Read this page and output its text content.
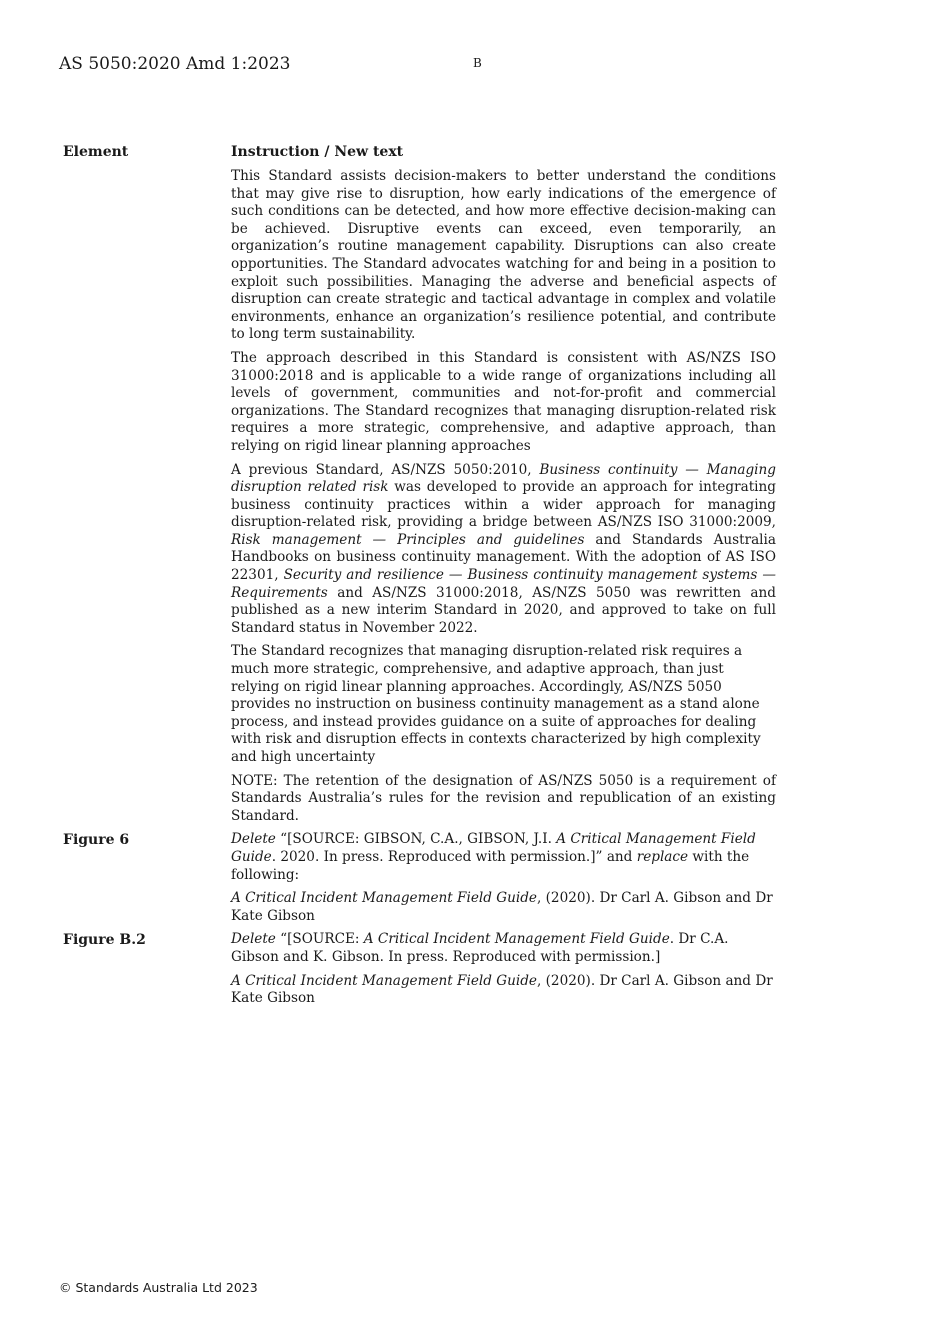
AS 5050:2020 Amd 1:2023	B
Element	Instruction / New text

This Standard assists decision-makers to better understand the conditions that may give rise to disruption, how early indications of the emergence of such conditions can be detected, and how more effective decision-making can be achieved. Disruptive events can exceed, even temporarily, an organization’s routine management capability. Disruptions can also create opportunities. The Standard advocates watching for and being in a position to exploit such possibilities. Managing the adverse and beneficial aspects of disruption can create strategic and tactical advantage in complex and volatile environments, enhance an organization’s resilience potential, and contribute to long term sustainability.

The approach described in this Standard is consistent with AS/NZS ISO 31000:2018 and is applicable to a wide range of organizations including all levels of government, communities and not-for-profit and commercial organizations. The Standard recognizes that managing disruption-related risk requires a more strategic, comprehensive, and adaptive approach, than relying on rigid linear planning approaches

A previous Standard, AS/NZS 5050:2010, Business continuity — Managing disruption related risk was developed to provide an approach for integrating business continuity practices within a wider approach for managing disruption-related risk, providing a bridge between AS/NZS ISO 31000:2009, Risk management — Principles and guidelines and Standards Australia Handbooks on business continuity management. With the adoption of AS ISO 22301, Security and resilience — Business continuity management systems — Requirements and AS/NZS 31000:2018, AS/NZS 5050 was rewritten and published as a new interim Standard in 2020, and approved to take on full Standard status in November 2022.

The Standard recognizes that managing disruption-related risk requires a much more strategic, comprehensive, and adaptive approach, than just relying on rigid linear planning approaches. Accordingly, AS/NZS 5050 provides no instruction on business continuity management as a stand alone process, and instead provides guidance on a suite of approaches for dealing with risk and disruption effects in contexts characterized by high complexity and high uncertainty

NOTE: The retention of the designation of AS/NZS 5050 is a requirement of Standards Australia’s rules for the revision and republication of an existing Standard.

Figure 6	Delete “[SOURCE: GIBSON, C.A., GIBSON, J.I. A Critical Management Field Guide. 2020. In press. Reproduced with permission.]” and replace with the following:

A Critical Incident Management Field Guide, (2020). Dr Carl A. Gibson and Dr Kate Gibson

Figure B.2	Delete “[SOURCE: A Critical Incident Management Field Guide. Dr C.A. Gibson and K. Gibson. In press. Reproduced with permission.]

A Critical Incident Management Field Guide, (2020). Dr Carl A. Gibson and Dr Kate Gibson

© Standards Australia Ltd 2023
